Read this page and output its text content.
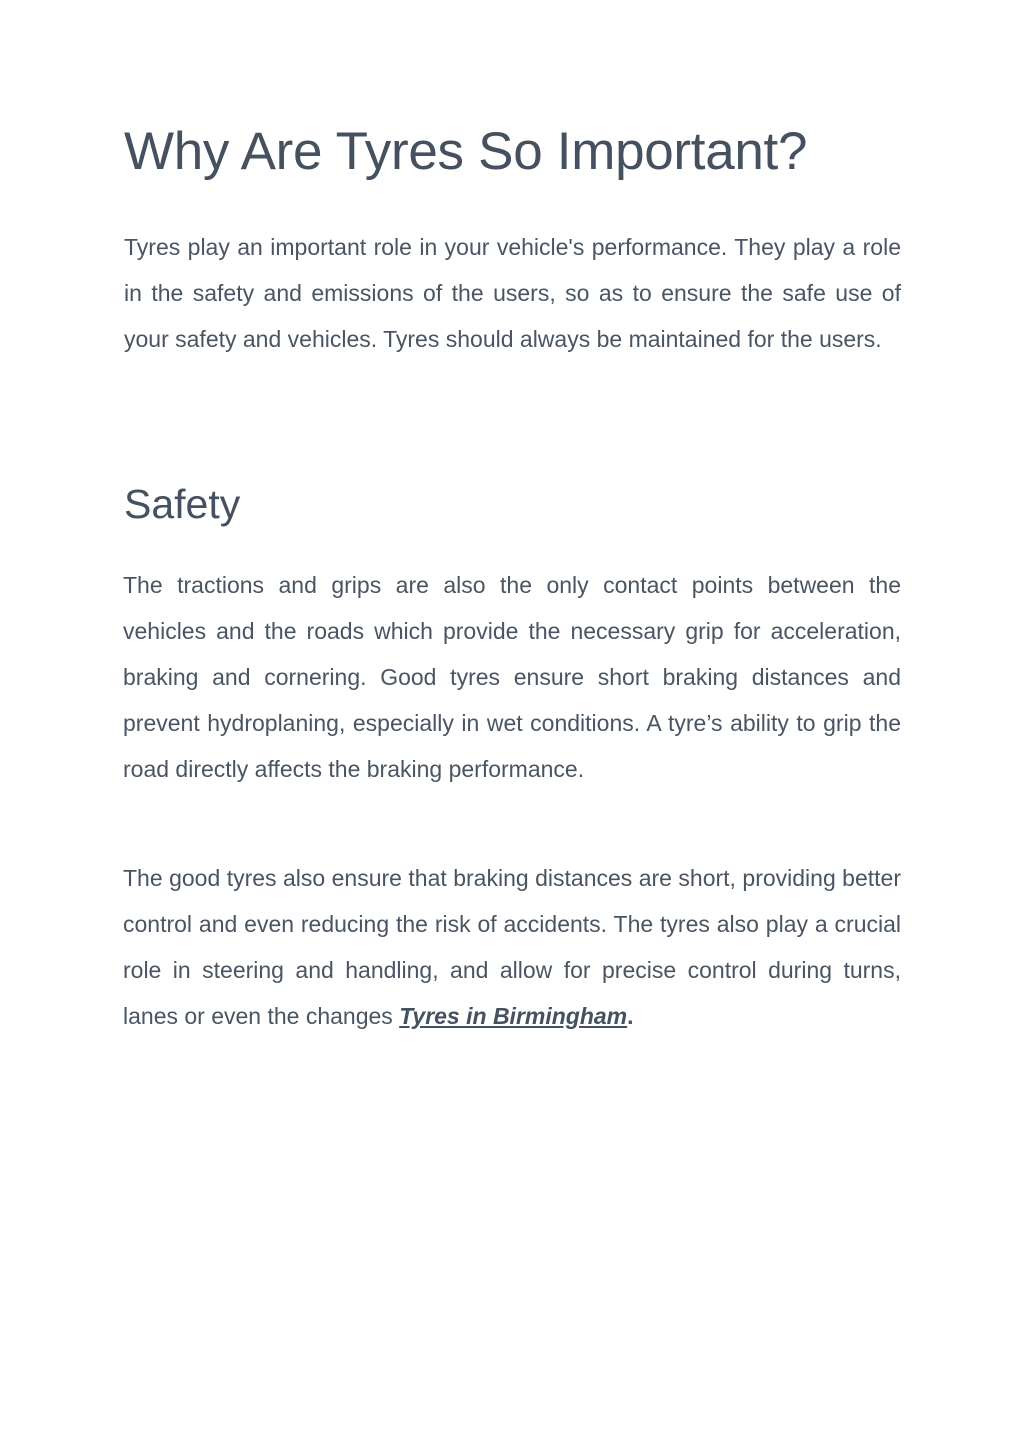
Why Are Tyres So Important?

Tyres play an important role in your vehicle's performance. They play a role in the safety and emissions of the users, so as to ensure the safe use of your safety and vehicles. Tyres should always be maintained for the users.

Safety

The tractions and grips are also the only contact points between the vehicles and the roads which provide the necessary grip for acceleration, braking and cornering. Good tyres ensure short braking distances and prevent hydroplaning, especially in wet conditions. A tyre’s ability to grip the road directly affects the braking performance.

The good tyres also ensure that braking distances are short, providing better control and even reducing the risk of accidents. The tyres also play a crucial role in steering and handling, and allow for precise control during turns, lanes or even the changes Tyres in Birmingham.
